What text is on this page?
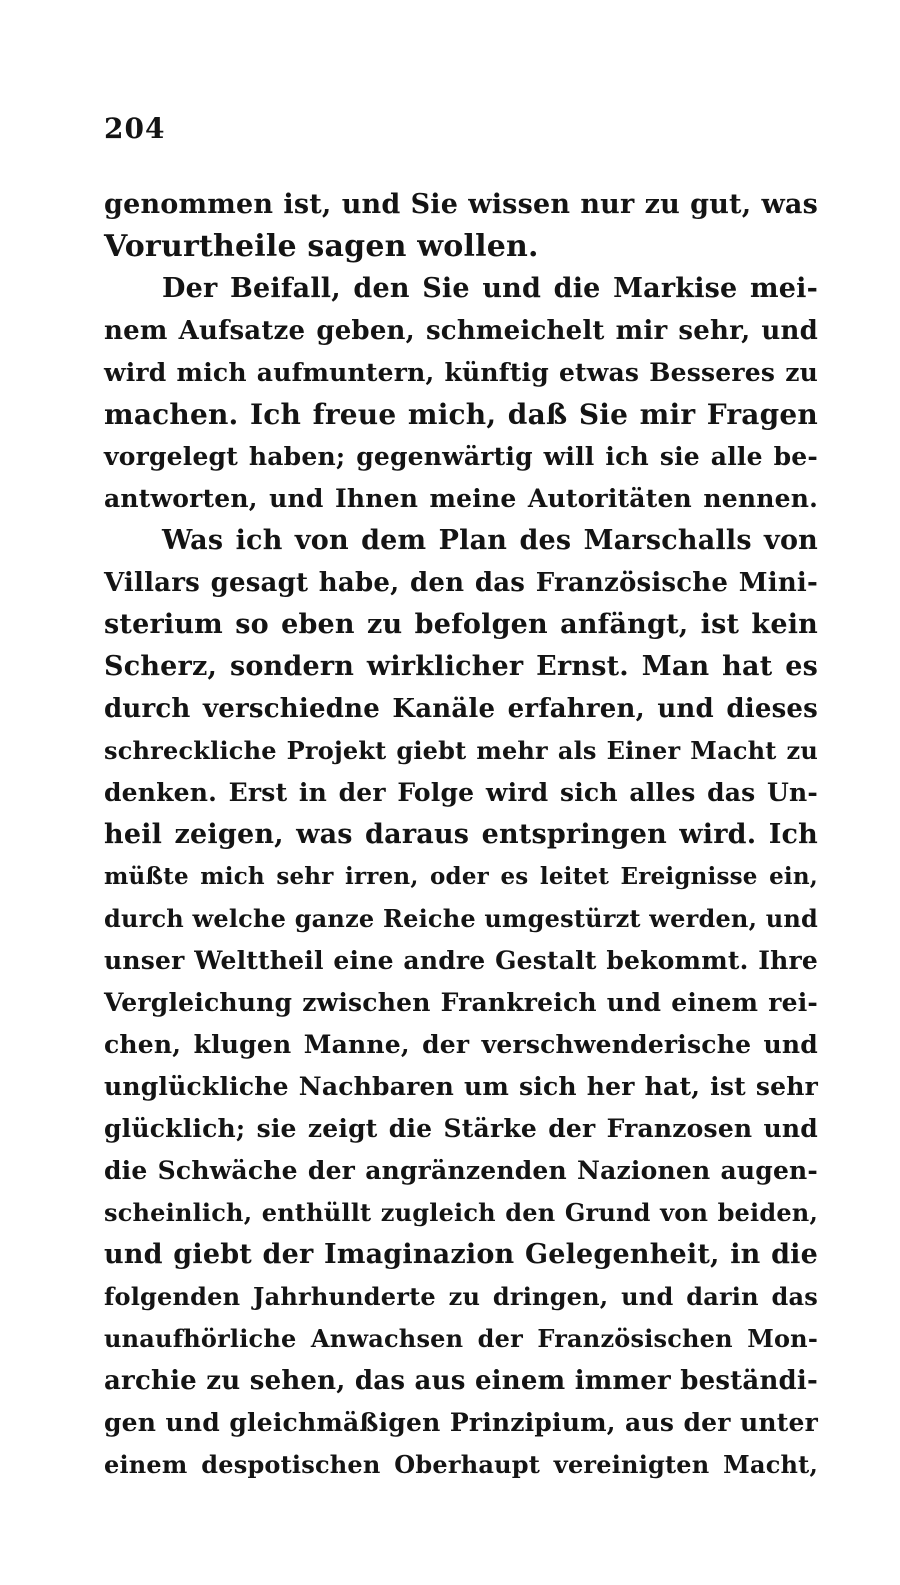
204
genommen ist, und Sie wissen nur zu gut, was
Vorurtheile sagen wollen.
Der Beifall, den Sie und die Markise mei-
nem Aufsatze geben, schmeichelt mir sehr, und
wird mich aufmuntern, künftig etwas Besseres zu
machen. Ich freue mich, daß Sie mir Fragen
vorgelegt haben; gegenwärtig will ich sie alle be-
antworten, und Ihnen meine Autoritäten nennen.
Was ich von dem Plan des Marschalls von
Villars gesagt habe, den das Französische Mini-
sterium so eben zu befolgen anfängt, ist kein
Scherz, sondern wirklicher Ernst. Man hat es
durch verschiedne Kanäle erfahren, und dieses
schreckliche Projekt giebt mehr als Einer Macht zu
denken. Erst in der Folge wird sich alles das Un-
heil zeigen, was daraus entspringen wird. Ich
müßte mich sehr irren, oder es leitet Ereignisse ein,
durch welche ganze Reiche umgestürzt werden, und
unser Welttheil eine andre Gestalt bekommt. Ihre
Vergleichung zwischen Frankreich und einem rei-
chen, klugen Manne, der verschwenderische und
unglückliche Nachbaren um sich her hat, ist sehr
glücklich; sie zeigt die Stärke der Franzosen und
die Schwäche der angränzenden Nazionen augen-
scheinlich, enthüllt zugleich den Grund von beiden,
und giebt der Imaginazion Gelegenheit, in die
folgenden Jahrhunderte zu dringen, und darin das
unaufhörliche Anwachsen der Französischen Mon-
archie zu sehen, das aus einem immer beständi-
gen und gleichmäßigen Prinzipium, aus der unter
einem despotischen Oberhaupt vereinigten Macht,
